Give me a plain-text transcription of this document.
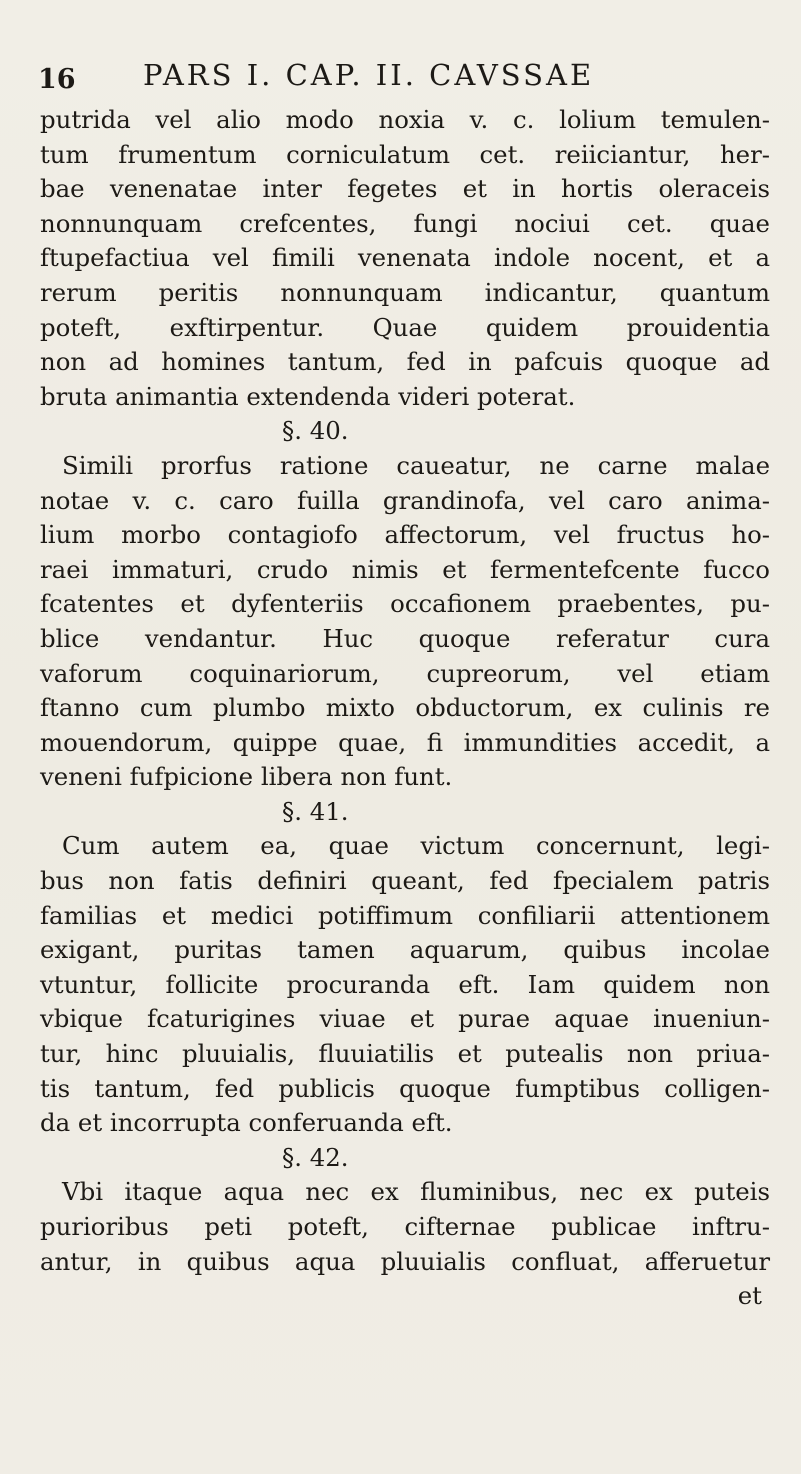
16 PARS I. CAP. II. CAVSSAE
putrida vel alio modo noxia v. c. lolium temulen-
tum frumentum corniculatum cet. reiiciantur, her-
bae venenatae inter fegetes et in hortis oleraceis
nonnunquam crefcentes, fungi nociui cet. quae
ftupefactiua vel fimili venenata indole nocent, et a
rerum peritis nonnunquam indicantur, quantum
poteft, exftirpentur. Quae quidem prouidentia
non ad homines tantum, fed in pafcuis quoque ad
bruta animantia extendenda videri poterat.
§. 40.
Simili prorfus ratione caueatur, ne carne malae
notae v. c. caro fuilla grandinofa, vel caro anima-
lium morbo contagiofo affectorum, vel fructus ho-
raei immaturi, crudo nimis et fermentefcente fucco
fcatentes et dyfenteriis occafionem praebentes, pu-
blice vendantur. Huc quoque referatur cura
vaforum coquinariorum, cupreorum, vel etiam
ftanno cum plumbo mixto obductorum, ex culinis re
mouendorum, quippe quae, fi immundities accedit, a
veneni fufpicione libera non funt.
§. 41.
Cum autem ea, quae victum concernunt, legi-
bus non fatis definiri queant, fed fpecialem patris
familias et medici potiffimum confiliarii attentionem
exigant, puritas tamen aquarum, quibus incolae
vtuntur, follicite procuranda eft. Iam quidem non
vbique fcaturigines viuae et purae aquae inueniun-
tur, hinc pluuialis, fluuiatilis et putealis non priua-
tis tantum, fed publicis quoque fumptibus colligen-
da et incorrupta conferuanda eft.
§. 42.
Vbi itaque aqua nec ex fluminibus, nec ex puteis
purioribus peti poteft, cifternae publicae inftru-
antur, in quibus aqua pluuialis confluat, afferuetur
et
